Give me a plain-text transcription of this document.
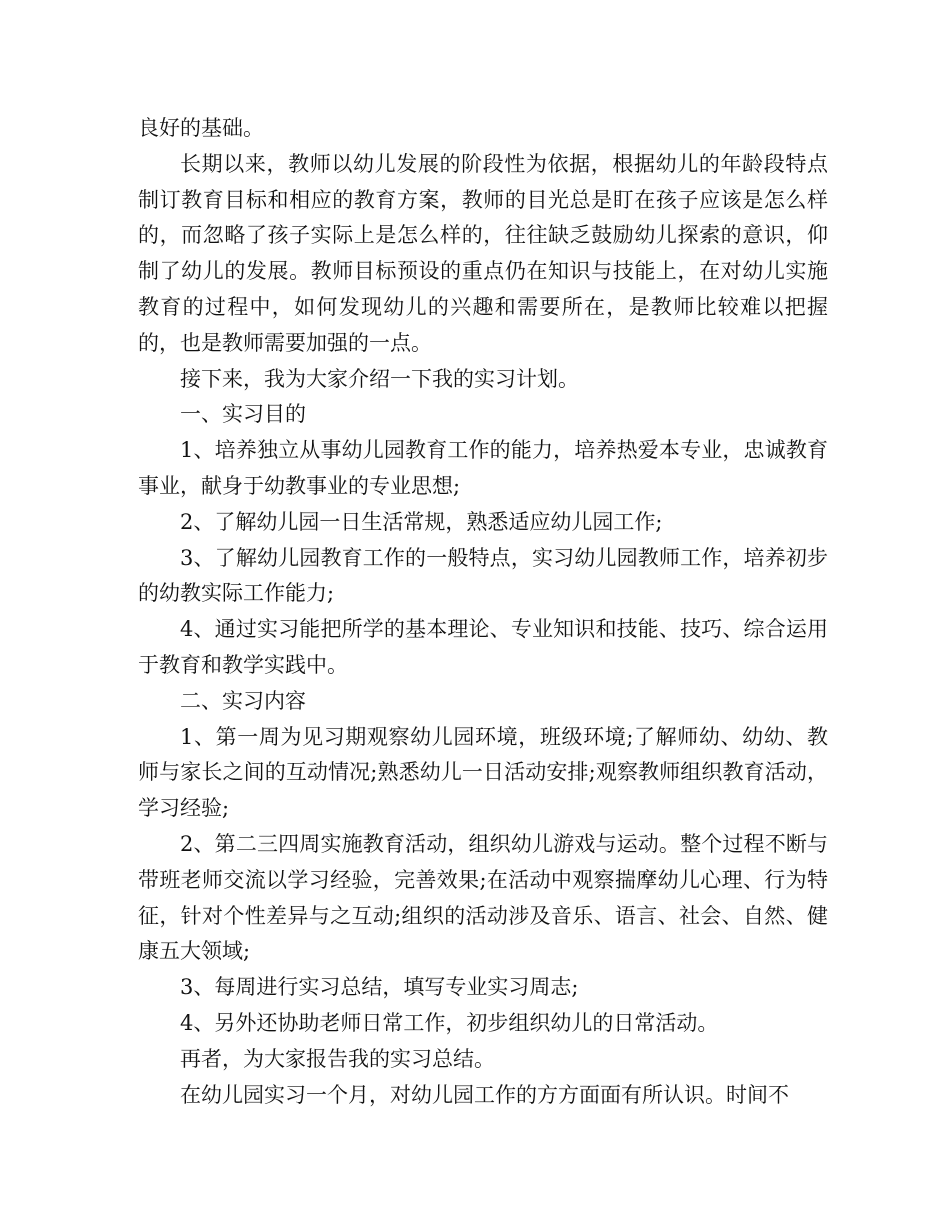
良好的基础。

长期以来，教师以幼儿发展的阶段性为依据，根据幼儿的年龄段特点制订教育目标和相应的教育方案，教师的目光总是盯在孩子应该是怎么样的，而忽略了孩子实际上是怎么样的，往往缺乏鼓励幼儿探索的意识，仰制了幼儿的发展。教师目标预设的重点仍在知识与技能上，在对幼儿实施教育的过程中，如何发现幼儿的兴趣和需要所在，是教师比较难以把握的，也是教师需要加强的一点。

接下来，我为大家介绍一下我的实习计划。

一、实习目的

1、培养独立从事幼儿园教育工作的能力，培养热爱本专业，忠诚教育事业，献身于幼教事业的专业思想;

2、了解幼儿园一日生活常规，熟悉适应幼儿园工作;

3、了解幼儿园教育工作的一般特点，实习幼儿园教师工作，培养初步的幼教实际工作能力;

4、通过实习能把所学的基本理论、专业知识和技能、技巧、综合运用于教育和教学实践中。

二、实习内容

1、第一周为见习期观察幼儿园环境，班级环境;了解师幼、幼幼、教师与家长之间的互动情况;熟悉幼儿一日活动安排;观察教师组织教育活动，学习经验;

2、第二三四周实施教育活动，组织幼儿游戏与运动。整个过程不断与带班老师交流以学习经验，完善效果;在活动中观察揣摩幼儿心理、行为特征，针对个性差异与之互动;组织的活动涉及音乐、语言、社会、自然、健康五大领域;

3、每周进行实习总结，填写专业实习周志;

4、另外还协助老师日常工作，初步组织幼儿的日常活动。

再者，为大家报告我的实习总结。

在幼儿园实习一个月，对幼儿园工作的方方面面有所认识。时间不
